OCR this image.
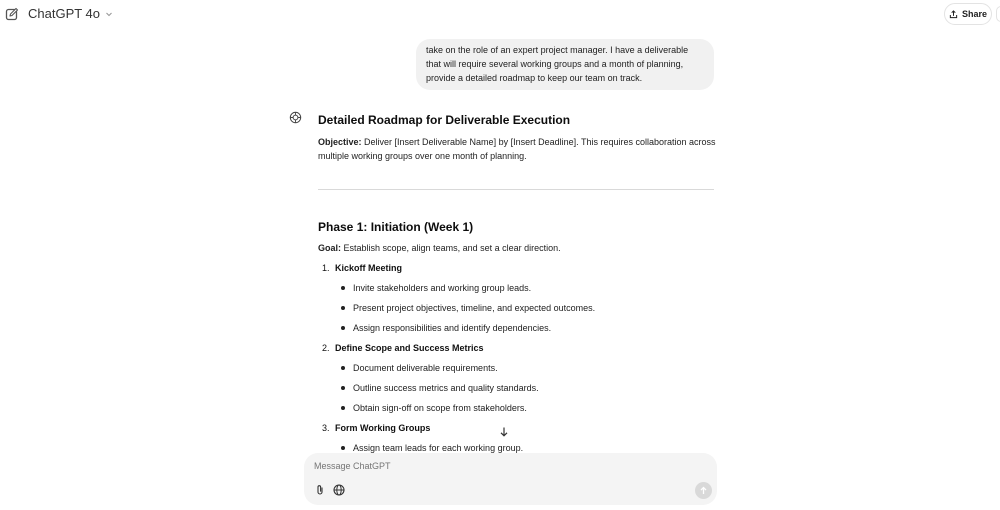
ChatGPT 4o	Share
take on the role of an expert project manager. I have a deliverable that will require several working groups and a month of planning, provide a detailed roadmap to keep our team on track.
Detailed Roadmap for Deliverable Execution
Objective: Deliver [Insert Deliverable Name] by [Insert Deadline]. This requires collaboration across multiple working groups over one month of planning.
Phase 1: Initiation (Week 1)
Goal: Establish scope, align teams, and set a clear direction.
1. Kickoff Meeting
Invite stakeholders and working group leads.
Present project objectives, timeline, and expected outcomes.
Assign responsibilities and identify dependencies.
2. Define Scope and Success Metrics
Document deliverable requirements.
Outline success metrics and quality standards.
Obtain sign-off on scope from stakeholders.
3. Form Working Groups
Assign team leads for each working group.
Message ChatGPT
